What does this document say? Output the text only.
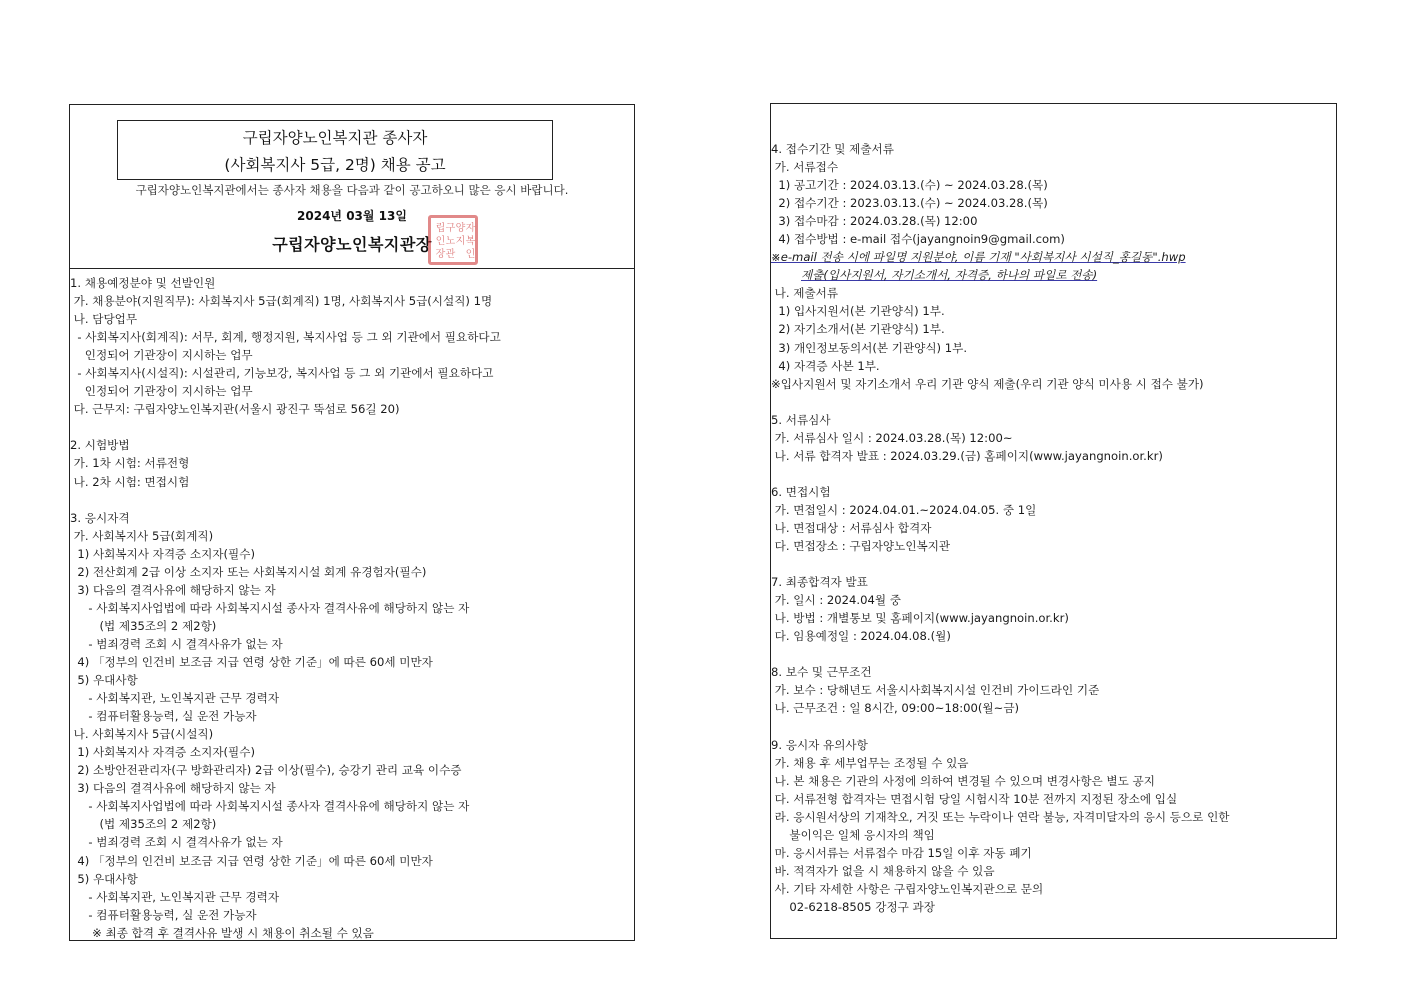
구립자양노인복지관 종사자
(사회복지사 5급, 2명) 채용 공고
구립자양노인복지관에서는 종사자 채용을 다음과 같이 공고하오니 많은 응시 바랍니다.
2024년 03월 13일
구립자양노인복지관장
구립	자양
노인	복지
관장	인
1. 채용예정분야 및 선발인원
가. 채용분야(지원직무): 사회복지사 5급(회계직) 1명, 사회복지사 5급(시설직) 1명
나. 담당업무
- 사회복지사(회계직): 서무, 회계, 행정지원, 복지사업 등 그 외 기관에서 필요하다고
인정되어 기관장이 지시하는 업무
- 사회복지사(시설직): 시설관리, 기능보강, 복지사업 등 그 외 기관에서 필요하다고
인정되어 기관장이 지시하는 업무
다. 근무지: 구립자양노인복지관(서울시 광진구 뚝섬로 56길 20)
2. 시험방법
가. 1차 시험: 서류전형
나. 2차 시험: 면접시험
3. 응시자격
가. 사회복지사 5급(회계직)
1) 사회복지사 자격증 소지자(필수)
2) 전산회계 2급 이상 소지자 또는 사회복지시설 회계 유경험자(필수)
3) 다음의 결격사유에 해당하지 않는 자
- 사회복지사업법에 따라 사회복지시설 종사자 결격사유에 해당하지 않는 자
(법 제35조의 2 제2항)
- 범죄경력 조회 시 결격사유가 없는 자
4) 「정부의 인건비 보조금 지급 연령 상한 기준」에 따른 60세 미만자
5) 우대사항
- 사회복지관, 노인복지관 근무 경력자
- 컴퓨터활용능력, 실 운전 가능자
나. 사회복지사 5급(시설직)
1) 사회복지사 자격증 소지자(필수)
2) 소방안전관리자(구 방화관리자) 2급 이상(필수), 승강기 관리 교육 이수증
3) 다음의 결격사유에 해당하지 않는 자
- 사회복지사업법에 따라 사회복지시설 종사자 결격사유에 해당하지 않는 자
(법 제35조의 2 제2항)
- 범죄경력 조회 시 결격사유가 없는 자
4) 「정부의 인건비 보조금 지급 연령 상한 기준」에 따른 60세 미만자
5) 우대사항
- 사회복지관, 노인복지관 근무 경력자
- 컴퓨터활용능력, 실 운전 가능자
※ 최종 합격 후 결격사유 발생 시 채용이 취소될 수 있음
4. 접수기간 및 제출서류
가. 서류접수
1) 공고기간 : 2024.03.13.(수) ~ 2024.03.28.(목)
2) 접수기간 : 2023.03.13.(수) ~ 2024.03.28.(목)
3) 접수마감 : 2024.03.28.(목) 12:00
4) 접수방법 : e-mail 접수(jayangnoin9@gmail.com)
※e-mail 전송 시에 파일명 지원분야, 이름 기재 "사회복지사 시설직_홍길동".hwp
제출(입사지원서, 자기소개서, 자격증, 하나의 파일로 전송)
나. 제출서류
1) 입사지원서(본 기관양식) 1부.
2) 자기소개서(본 기관양식) 1부.
3) 개인정보동의서(본 기관양식) 1부.
4) 자격증 사본 1부.
※입사지원서 및 자기소개서 우리 기관 양식 제출(우리 기관 양식 미사용 시 접수 불가)
5. 서류심사
가. 서류심사 일시 : 2024.03.28.(목) 12:00~
나. 서류 합격자 발표 : 2024.03.29.(금) 홈페이지(www.jayangnoin.or.kr)
6. 면접시험
가. 면접일시 : 2024.04.01.~2024.04.05. 중 1일
나. 면접대상 : 서류심사 합격자
다. 면접장소 : 구립자양노인복지관
7. 최종합격자 발표
가. 일시 : 2024.04월 중
나. 방법 : 개별통보 및 홈페이지(www.jayangnoin.or.kr)
다. 임용예정일 : 2024.04.08.(월)
8. 보수 및 근무조건
가. 보수 : 당해년도 서울시사회복지시설 인건비 가이드라인 기준
나. 근무조건 : 일 8시간, 09:00~18:00(월~금)
9. 응시자 유의사항
가. 채용 후 세부업무는 조정될 수 있음
나. 본 채용은 기관의 사정에 의하여 변경될 수 있으며 변경사항은 별도 공지
다. 서류전형 합격자는 면접시험 당일 시험시작 10분 전까지 지정된 장소에 입실
라. 응시원서상의 기재착오, 거짓 또는 누락이나 연락 불능, 자격미달자의 응시 등으로 인한
불이익은 일체 응시자의 책임
마. 응시서류는 서류접수 마감 15일 이후 자동 폐기
바. 적격자가 없을 시 채용하지 않을 수 있음
사. 기타 자세한 사항은 구립자양노인복지관으로 문의
02-6218-8505 강정구 과장
